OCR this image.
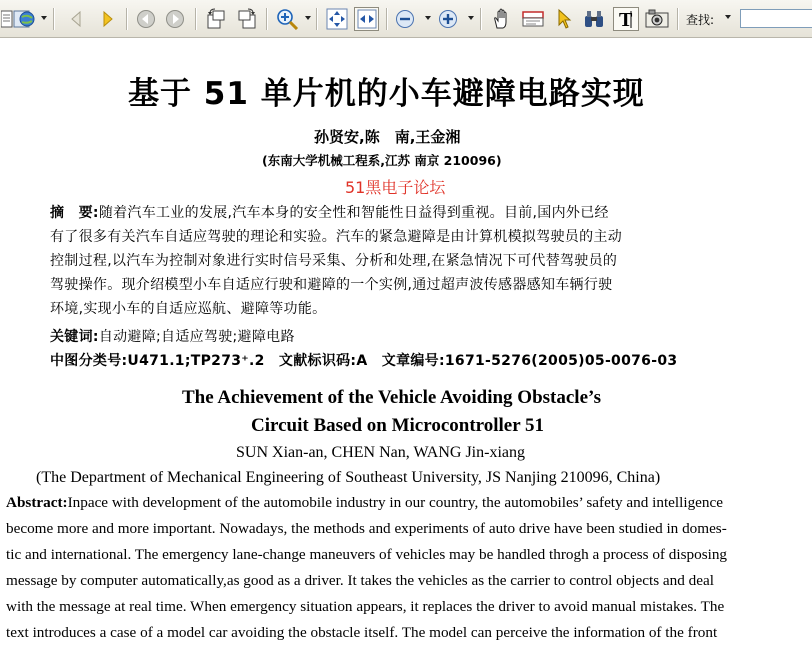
T	查找:
基于 51 单片机的小车避障电路实现
孙贤安,陈　南,王金湘
(东南大学机械工程系,江苏 南京 210096)
51黑电子论坛
摘　要:随着汽车工业的发展,汽车本身的安全性和智能性日益得到重视。目前,国内外已经
有了很多有关汽车自适应驾驶的理论和实验。汽车的紧急避障是由计算机模拟驾驶员的主动
控制过程,以汽车为控制对象进行实时信号采集、分析和处理,在紧急情况下可代替驾驶员的
驾驶操作。现介绍模型小车自适应行驶和避障的一个实例,通过超声波传感器感知车辆行驶
环境,实现小车的自适应巡航、避障等功能。
关键词:自动避障;自适应驾驶;避障电路
中图分类号:U471.1;TP273⁺.2　文献标识码:A　文章编号:1671-5276(2005)05-0076-03
The Achievement of the Vehicle Avoiding Obstacle’s
Circuit Based on Microcontroller 51
SUN Xian-an, CHEN Nan, WANG Jin-xiang
(The Department of Mechanical Engineering of Southeast University, JS Nanjing 210096, China)
Abstract:Inpace with development of the automobile industry in our country, the automobiles’ safety and intelligence
become more and more important. Nowadays, the methods and experiments of auto drive have been studied in domes-
tic and international. The emergency lane-change maneuvers of vehicles may be handled throgh a process of disposing
message by computer automatically,as good as a driver. It takes the vehicles as the carrier to control objects and deal
with the message at real time. When emergency situation appears, it replaces the driver to avoid manual mistakes. The
text introduces a case of a model car avoiding the obstacle itself. The model can perceive the information of the front
